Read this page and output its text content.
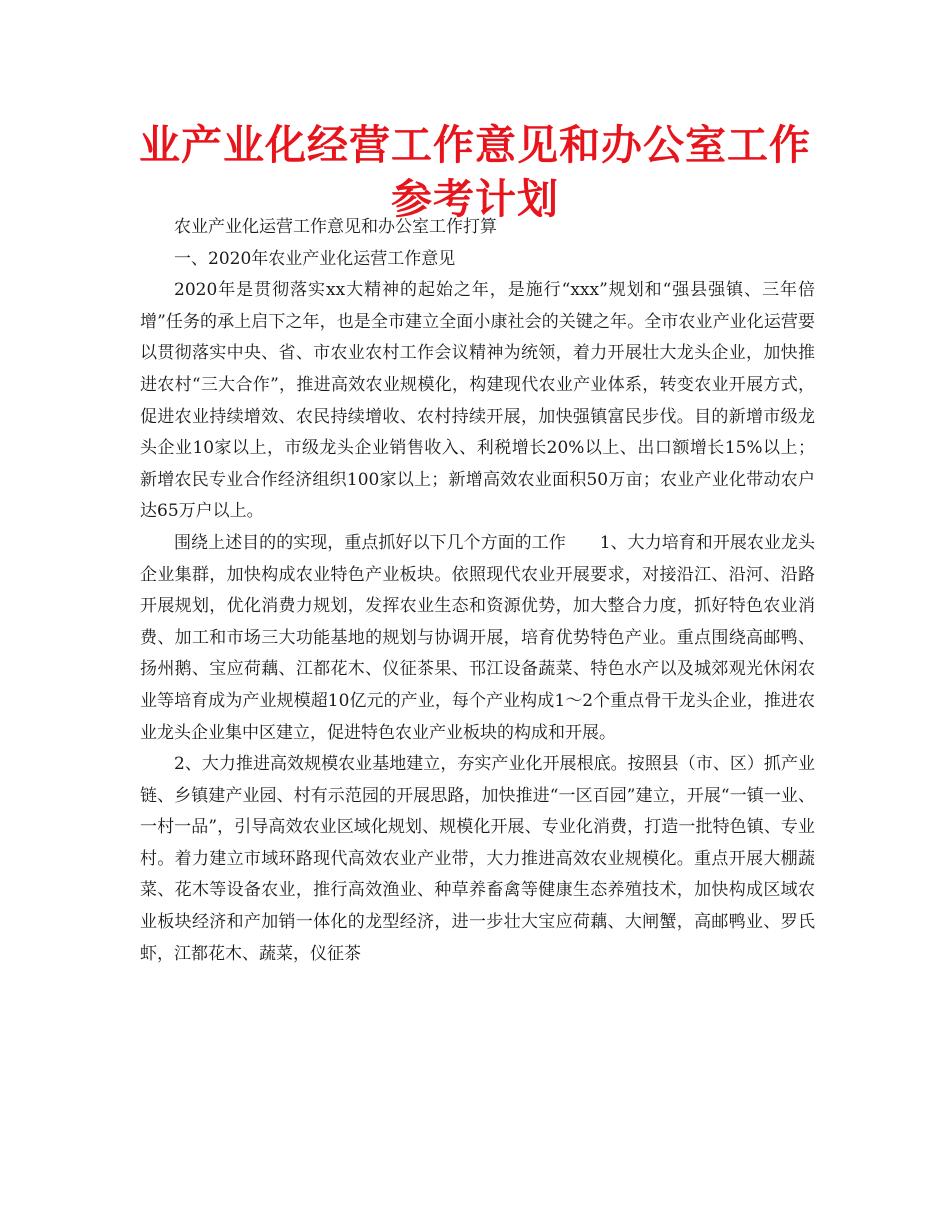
业产业化经营工作意见和办公室工作参考计划

农业产业化运营工作意见和办公室工作打算

一、2020年农业产业化运营工作意见

2020年是贯彻落实xx大精神的起始之年，是施行“xxx”规划和“强县强镇、三年倍增”任务的承上启下之年，也是全市建立全面小康社会的关键之年。全市农业产业化运营要以贯彻落实中央、省、市农业农村工作会议精神为统领，着力开展壮大龙头企业，加快推进农村“三大合作”，推进高效农业规模化，构建现代农业产业体系，转变农业开展方式，促进农业持续增效、农民持续增收、农村持续开展，加快强镇富民步伐。目的新增市级龙头企业10家以上，市级龙头企业销售收入、利税增长20%以上、出口额增长15%以上；新增农民专业合作经济组织100家以上；新增高效农业面积50万亩；农业产业化带动农户达65万户以上。

围绕上述目的的实现，重点抓好以下几个方面的工作　　1、大力培育和开展农业龙头企业集群，加快构成农业特色产业板块。依照现代农业开展要求，对接沿江、沿河、沿路开展规划，优化消费力规划，发挥农业生态和资源优势，加大整合力度，抓好特色农业消费、加工和市场三大功能基地的规划与协调开展，培育优势特色产业。重点围绕高邮鸭、扬州鹅、宝应荷藕、江都花木、仪征茶果、邗江设备蔬菜、特色水产以及城郊观光休闲农业等培育成为产业规模超10亿元的产业，每个产业构成1～2个重点骨干龙头企业，推进农业龙头企业集中区建立，促进特色农业产业板块的构成和开展。

2、大力推进高效规模农业基地建立，夯实产业化开展根底。按照县（市、区）抓产业链、乡镇建产业园、村有示范园的开展思路，加快推进“一区百园”建立，开展“一镇一业、一村一品”，引导高效农业区域化规划、规模化开展、专业化消费，打造一批特色镇、专业村。着力建立市域环路现代高效农业产业带，大力推进高效农业规模化。重点开展大棚蔬菜、花木等设备农业，推行高效渔业、种草养畜禽等健康生态养殖技术，加快构成区域农业板块经济和产加销一体化的龙型经济，进一步壮大宝应荷藕、大闸蟹，高邮鸭业、罗氏虾，江都花木、蔬菜，仪征茶
